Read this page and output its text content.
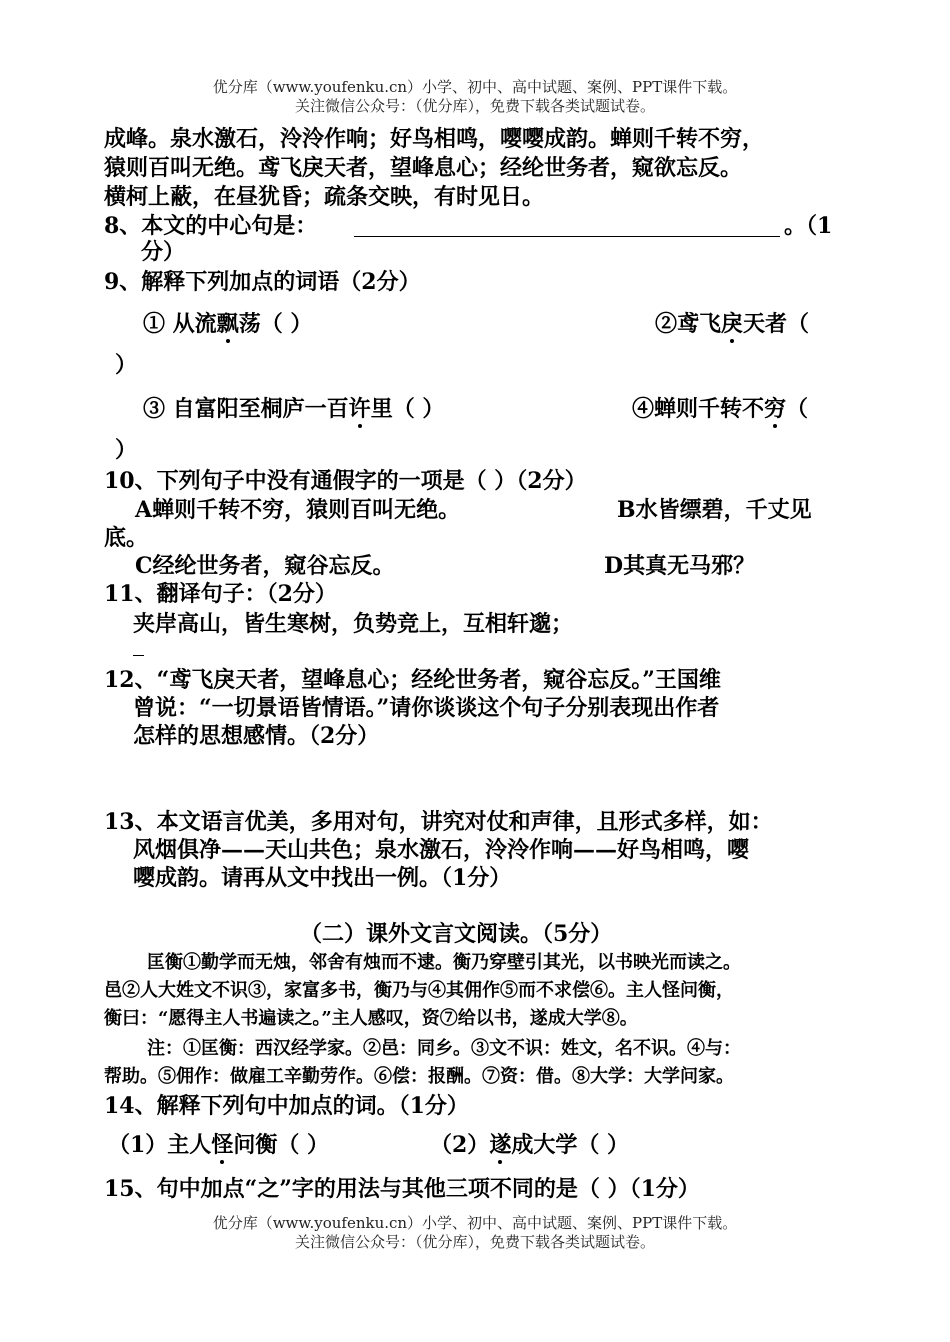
优分库（www.youfenku.cn）小学、初中、高中试题、案例、PPT课件下载。
关注微信公众号：（优分库），免费下载各类试题试卷。
成峰。泉水激石，泠泠作响；好鸟相鸣，嘤嘤成韵。蝉则千转不穷，
猿则百叫无绝。鸢飞戾天者，望峰息心；经纶世务者，窥欲忘反。
横柯上蔽，在昼犹昏；疏条交映，有时见日。
8、本文的中心句是：	。（1
分）
9、解释下列加点的词语（2分）
① 从流飘荡（ ）	②鸢飞戾天者（
）
③ 自富阳至桐庐一百许里（ ）	④蝉则千转不穷（
）
10、下列句子中没有通假字的一项是（ ）（2分）
A蝉则千转不穷，猿则百叫无绝。	B水皆缥碧，千丈见
底。
C经纶世务者，窥谷忘反。	D其真无马邪？
11、翻译句子：（2分）
夹岸高山，皆生寒树，负势竞上，互相轩邈；
12、“鸢飞戾天者，望峰息心；经纶世务者，窥谷忘反。”王国维
曾说：“一切景语皆情语。”请你谈谈这个句子分别表现出作者
怎样的思想感情。（2分）
13、本文语言优美，多用对句，讲究对仗和声律，且形式多样，如：
风烟俱净——天山共色；泉水激石，泠泠作响——好鸟相鸣，嘤
嘤成韵。请再从文中找出一例。（1分）
（二）课外文言文阅读。（5分）
匡衡①勤学而无烛，邻舍有烛而不逮。衡乃穿壁引其光，以书映光而读之。
邑②人大姓文不识③，家富多书，衡乃与④其佣作⑤而不求偿⑥。主人怪问衡，
衡曰：“愿得主人书遍读之。”主人感叹，资⑦给以书，遂成大学⑧。
注：①匡衡：西汉经学家。②邑：同乡。③文不识：姓文，名不识。④与：
帮助。⑤佣作：做雇工辛勤劳作。⑥偿：报酬。⑦资：借。⑧大学：大学问家。
14、解释下列句中加点的词。（1分）
（1）主人怪问衡（ ）	（2）遂成大学（ ）
15、句中加点“之”字的用法与其他三项不同的是（ ）（1分）
优分库（www.youfenku.cn）小学、初中、高中试题、案例、PPT课件下载。
关注微信公众号：（优分库），免费下载各类试题试卷。
